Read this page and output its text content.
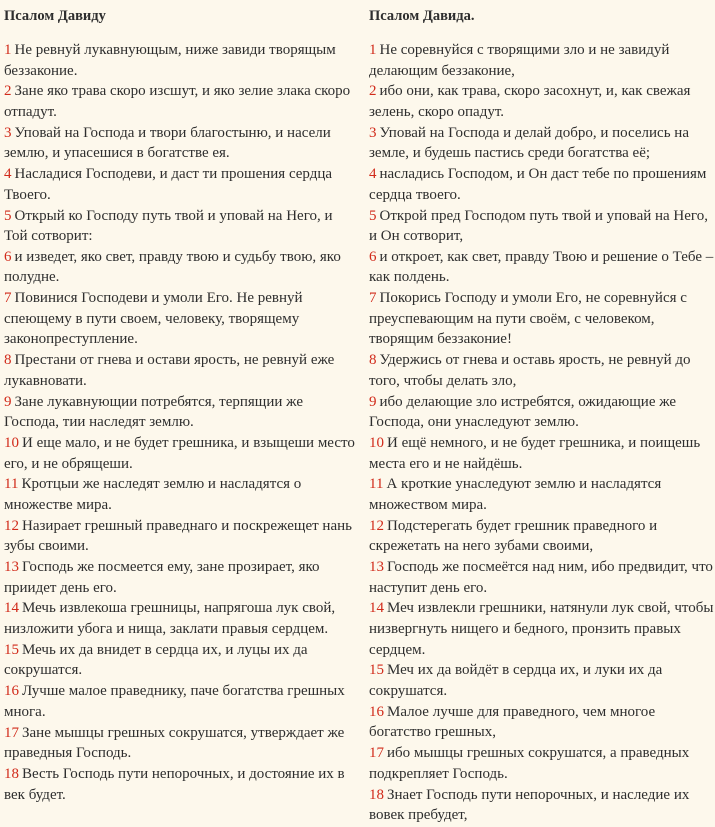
Псалом Давиду

1 Не ревнуй лукавнующым, ниже завиди творящым беззаконие.

2 Зане яко трава скоро изсшут, и яко зелие злака скоро отпадут.

3 Уповай на Господа и твори благостыню, и насели землю, и упасешися в богатстве ея.

4 Насладися Господеви, и даст ти прошения сердца Твоего.

5 Открый ко Господу путь твой и уповай на Него, и Той сотворит:

6 и изведет, яко свет, правду твою и судьбу твою, яко полудне.

7 Повинися Господеви и умоли Его. Не ревнуй спеющему в пути своем, человеку, творящему законопреступление.

8 Престани от гнева и остави ярость, не ревнуй еже лукавновати.

9 Зане лукавнующии потребятся, терпящии же Господа, тии наследят землю.

10 И еще мало, и не будет грешника, и взыщеши место его, и не обрящеши.

11 Кротцыи же наследят землю и насладятся о множестве мира.

12 Назирает грешный праведнаго и поскрежещет нань зубы своими.

13 Господь же посмеется ему, зане прозирает, яко приидет день его.

14 Мечь извлекоша грешницы, напрягоша лук свой, низложити убога и нища, заклати правыя сердцем.

15 Мечь их да внидет в сердца их, и луцы их да сокрушатся.

16 Лучше малое праведнику, паче богатства грешных многа.

17 Зане мышцы грешных сокрушатся, утверждает же праведныя Господь.

18 Весть Господь пути непорочных, и достояние их в век будет.

Псалом Давида.

1 Не соревнуйся с творящими зло и не завидуй делающим беззаконие,

2 ибо они, как трава, скоро засохнут, и, как свежая зелень, скоро опадут.

3 Уповай на Господа и делай добро, и поселись на земле, и будешь пастись среди богатства её;

4 насладись Господом, и Он даст тебе по прошениям сердца твоего.

5 Открой пред Господом путь твой и уповай на Него, и Он сотворит,

6 и откроет, как свет, правду Твою и решение о Тебе – как полдень.

7 Покорись Господу и умоли Его, не соревнуйся с преуспевающим на пути своём, с человеком, творящим беззаконие!

8 Удержись от гнева и оставь ярость, не ревнуй до того, чтобы делать зло,

9 ибо делающие зло истребятся, ожидающие же Господа, они унаследуют землю.

10 И ещё немного, и не будет грешника, и поищешь места его и не найдёшь.

11 А кроткие унаследуют землю и насладятся множеством мира.

12 Подстерегать будет грешник праведного и скрежетать на него зубами своими,

13 Господь же посмеётся над ним, ибо предвидит, что наступит день его.

14 Меч извлекли грешники, натянули лук свой, чтобы низвергнуть нищего и бедного, пронзить правых сердцем.

15 Меч их да войдёт в сердца их, и луки их да сокрушатся.

16 Малое лучше для праведного, чем многое богатство грешных,

17 ибо мышцы грешных сокрушатся, а праведных подкрепляет Господь.

18 Знает Господь пути непорочных, и наследие их вовек пребудет,
